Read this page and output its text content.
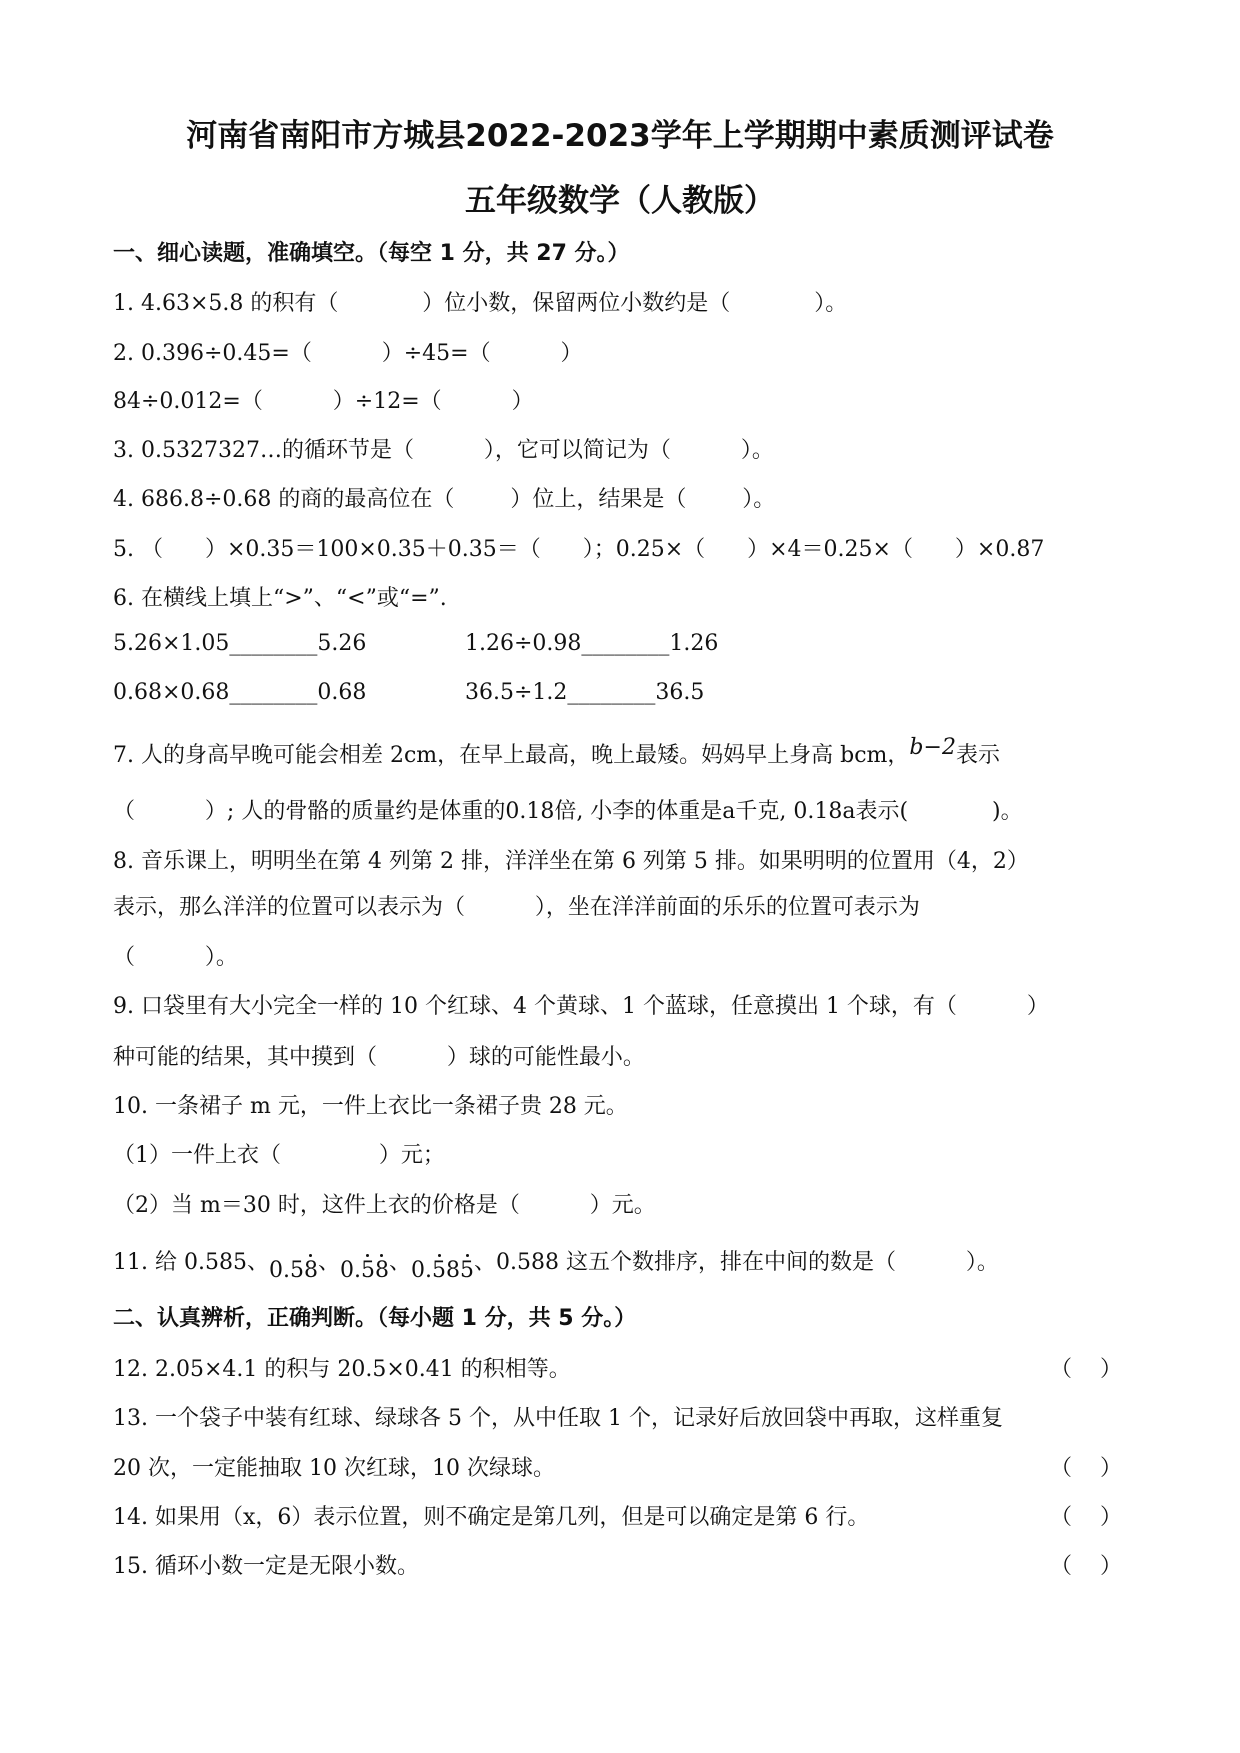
河南省南阳市方城县2022-2023学年上学期期中素质测评试卷
五年级数学（人教版）
一、细心读题，准确填空。（每空 1 分，共 27 分。）
1. 4.63×5.8 的积有（            ）位小数，保留两位小数约是（            ）。
2. 0.396÷0.45=（          ）÷45=（          ）
84÷0.012=（          ）÷12=（          ）
3. 0.5327327…的循环节是（          ），它可以简记为（          ）。
4. 686.8÷0.68 的商的最高位在（        ）位上，结果是（        ）。
5. （      ）×0.35＝100×0.35＋0.35＝（      ）；0.25×（      ）×4＝0.25×（      ）×0.87
6. 在横线上填上“>”、“<”或“=”.
5.26×1.05________5.26	1.26÷0.98________1.26
0.68×0.68________0.68	36.5÷1.2________36.5
7. 人的身高早晚可能会相差 2cm，在早上最高，晚上最矮。妈妈早上身高 bcm，b−2表示
（          ）; 人的骨骼的质量约是体重的0.18倍, 小李的体重是a千克, 0.18a表示(            )。
8. 音乐课上，明明坐在第 4 列第 2 排，洋洋坐在第 6 列第 5 排。如果明明的位置用（4，2）
表示，那么洋洋的位置可以表示为（          ），坐在洋洋前面的乐乐的位置可表示为
（          ）。
9. 口袋里有大小完全一样的 10 个红球、4 个黄球、1 个蓝球，任意摸出 1 个球，有（          ）
种可能的结果，其中摸到（          ）球的可能性最小。
10. 一条裙子 m 元，一件上衣比一条裙子贵 28 元。
（1）一件上衣（              ）元；
（2）当 m＝30 时，这件上衣的价格是（          ）元。
11. 给 0.585、0.58、0.58、0.585、0.588 这五个数排序，排在中间的数是（          ）。
二、认真辨析，正确判断。（每小题 1 分，共 5 分。）
12. 2.05×4.1 的积与 20.5×0.41 的积相等。	（    ）
13. 一个袋子中装有红球、绿球各 5 个，从中任取 1 个，记录好后放回袋中再取，这样重复
20 次，一定能抽取 10 次红球，10 次绿球。	（    ）
14. 如果用（x，6）表示位置，则不确定是第几列，但是可以确定是第 6 行。	（    ）
15. 循环小数一定是无限小数。	（    ）
